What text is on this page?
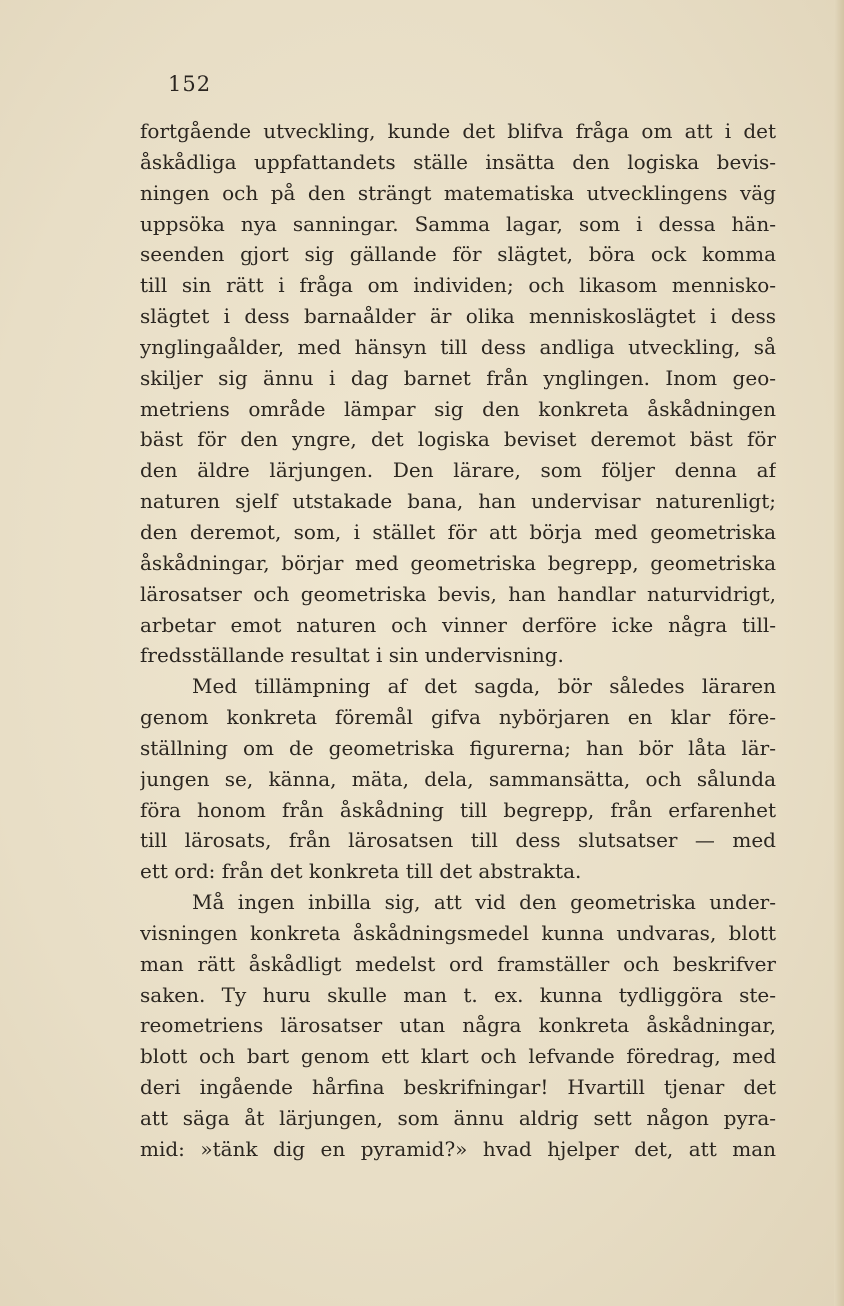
152
fortgående utveckling, kunde det blifva fråga om att i det
åskådliga uppfattandets ställe insätta den logiska bevis-
ningen och på den strängt matematiska utvecklingens väg
uppsöka nya sanningar. Samma lagar, som i dessa hän-
seenden gjort sig gällande för slägtet, böra ock komma
till sin rätt i fråga om individen; och likasom mennisko-
slägtet i dess barnaålder är olika menniskoslägtet i dess
ynglingaålder, med hänsyn till dess andliga utveckling, så
skiljer sig ännu i dag barnet från ynglingen. Inom geo-
metriens område lämpar sig den konkreta åskådningen
bäst för den yngre, det logiska beviset deremot bäst för
den äldre lärjungen. Den lärare, som följer denna af
naturen sjelf utstakade bana, han undervisar naturenligt;
den deremot, som, i stället för att börja med geometriska
åskådningar, börjar med geometriska begrepp, geometriska
lärosatser och geometriska bevis, han handlar naturvidrigt,
arbetar emot naturen och vinner derföre icke några till-
fredsställande resultat i sin undervisning.
Med tillämpning af det sagda, bör således läraren
genom konkreta föremål gifva nybörjaren en klar före-
ställning om de geometriska figurerna; han bör låta lär-
jungen se, känna, mäta, dela, sammansätta, och sålunda
föra honom från åskådning till begrepp, från erfarenhet
till lärosats, från lärosatsen till dess slutsatser — med
ett ord: från det konkreta till det abstrakta.
Må ingen inbilla sig, att vid den geometriska under-
visningen konkreta åskådningsmedel kunna undvaras, blott
man rätt åskådligt medelst ord framställer och beskrifver
saken. Ty huru skulle man t. ex. kunna tydliggöra ste-
reometriens lärosatser utan några konkreta åskådningar,
blott och bart genom ett klart och lefvande föredrag, med
deri ingående hårfina beskrifningar! Hvartill tjenar det
att säga åt lärjungen, som ännu aldrig sett någon pyra-
mid: »tänk dig en pyramid?» hvad hjelper det, att man
